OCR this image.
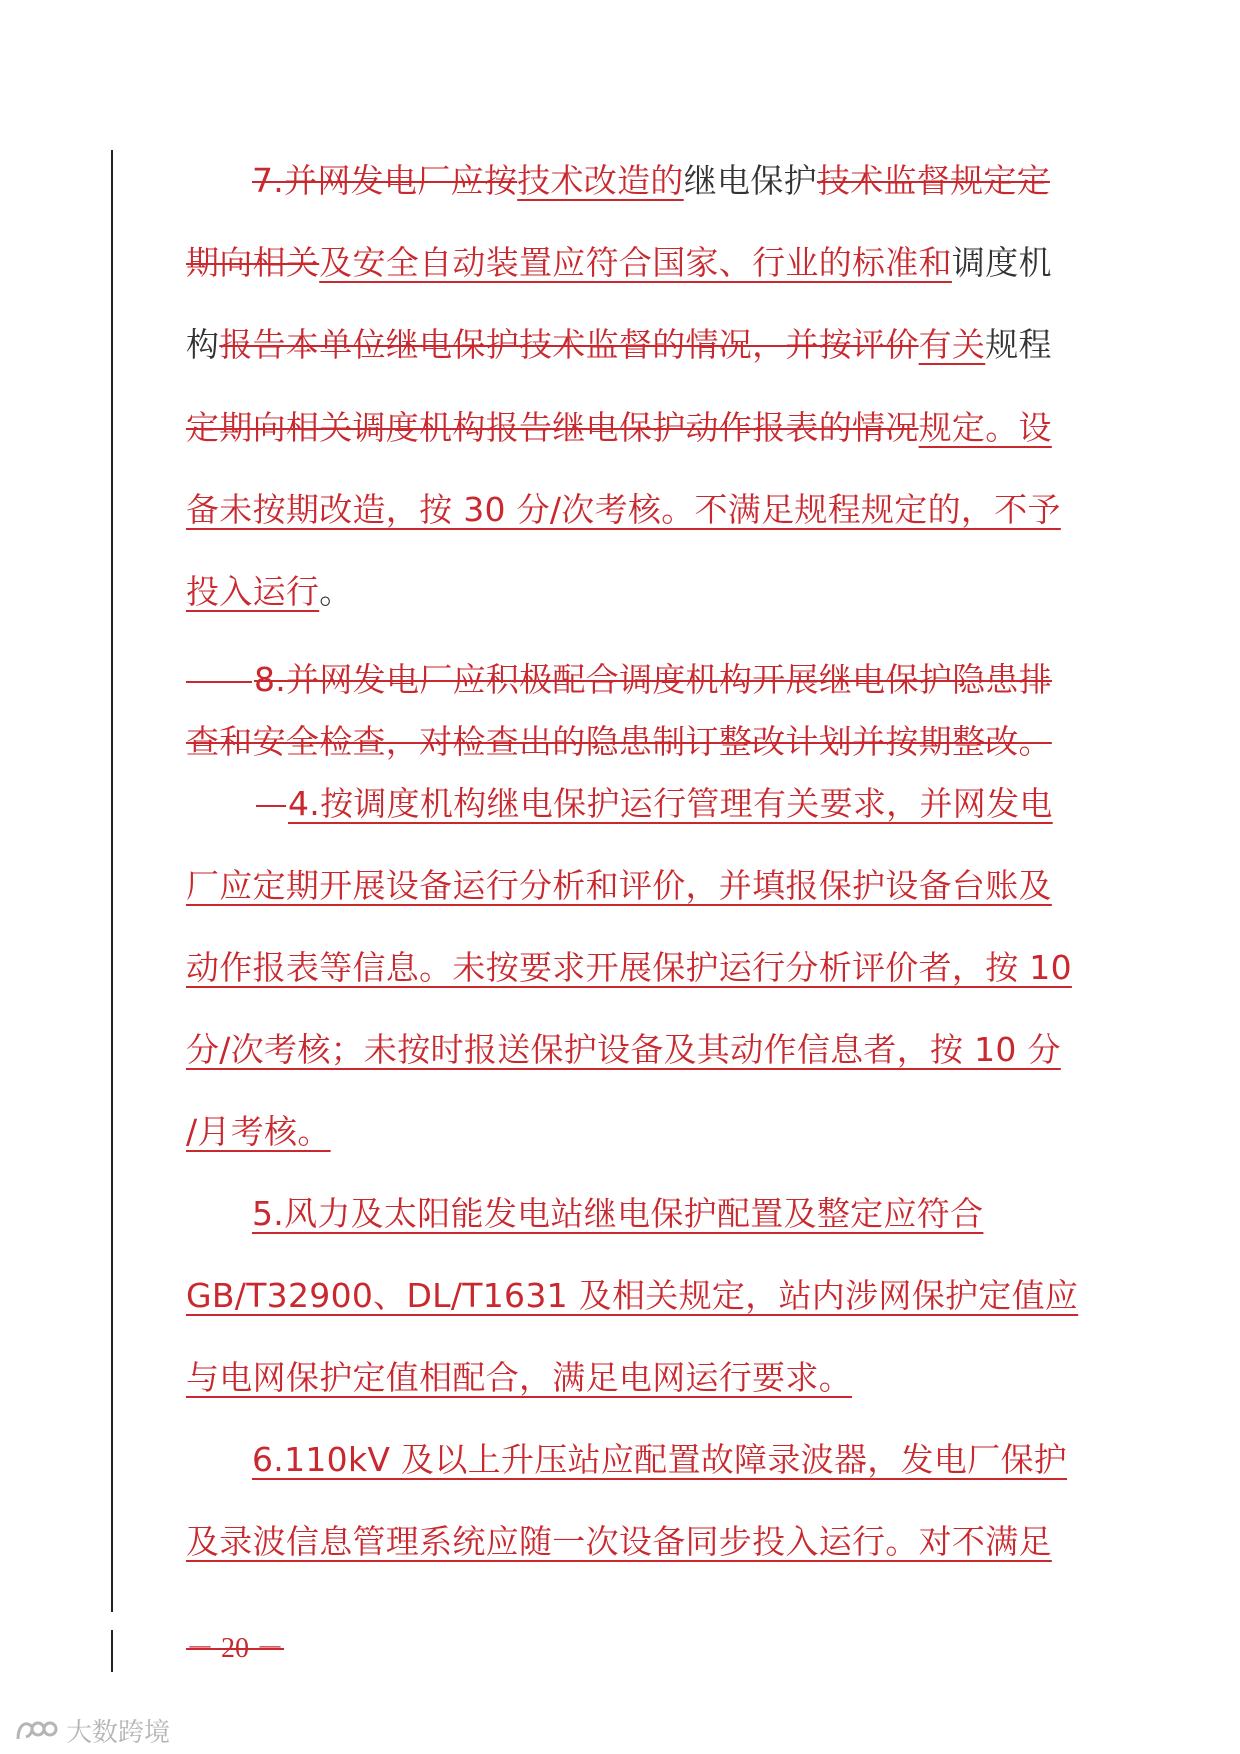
7.并网发电厂应按技术改造的继电保护技术监督规定定
期向相关及安全自动装置应符合国家、行业的标准和调度机
构报告本单位继电保护技术监督的情况，并按评价有关规程
定期向相关调度机构报告继电保护动作报表的情况规定。设
备未按期改造，按 30 分/次考核。不满足规程规定的，不予
投入运行。
8.并网发电厂应积极配合调度机构开展继电保护隐患排
查和安全检查，对检查出的隐患制订整改计划并按期整改。
4.按调度机构继电保护运行管理有关要求，并网发电
厂应定期开展设备运行分析和评价，并填报保护设备台账及
动作报表等信息。未按要求开展保护运行分析评价者，按 10
分/次考核；未按时报送保护设备及其动作信息者，按 10 分
/月考核。
5.风力及太阳能发电站继电保护配置及整定应符合
GB/T32900、DL/T1631 及相关规定，站内涉网保护定值应
与电网保护定值相配合，满足电网运行要求。
6.110kV 及以上升压站应配置故障录波器，发电厂保护
及录波信息管理系统应随一次设备同步投入运行。对不满足
－ 20 －
大数跨境
